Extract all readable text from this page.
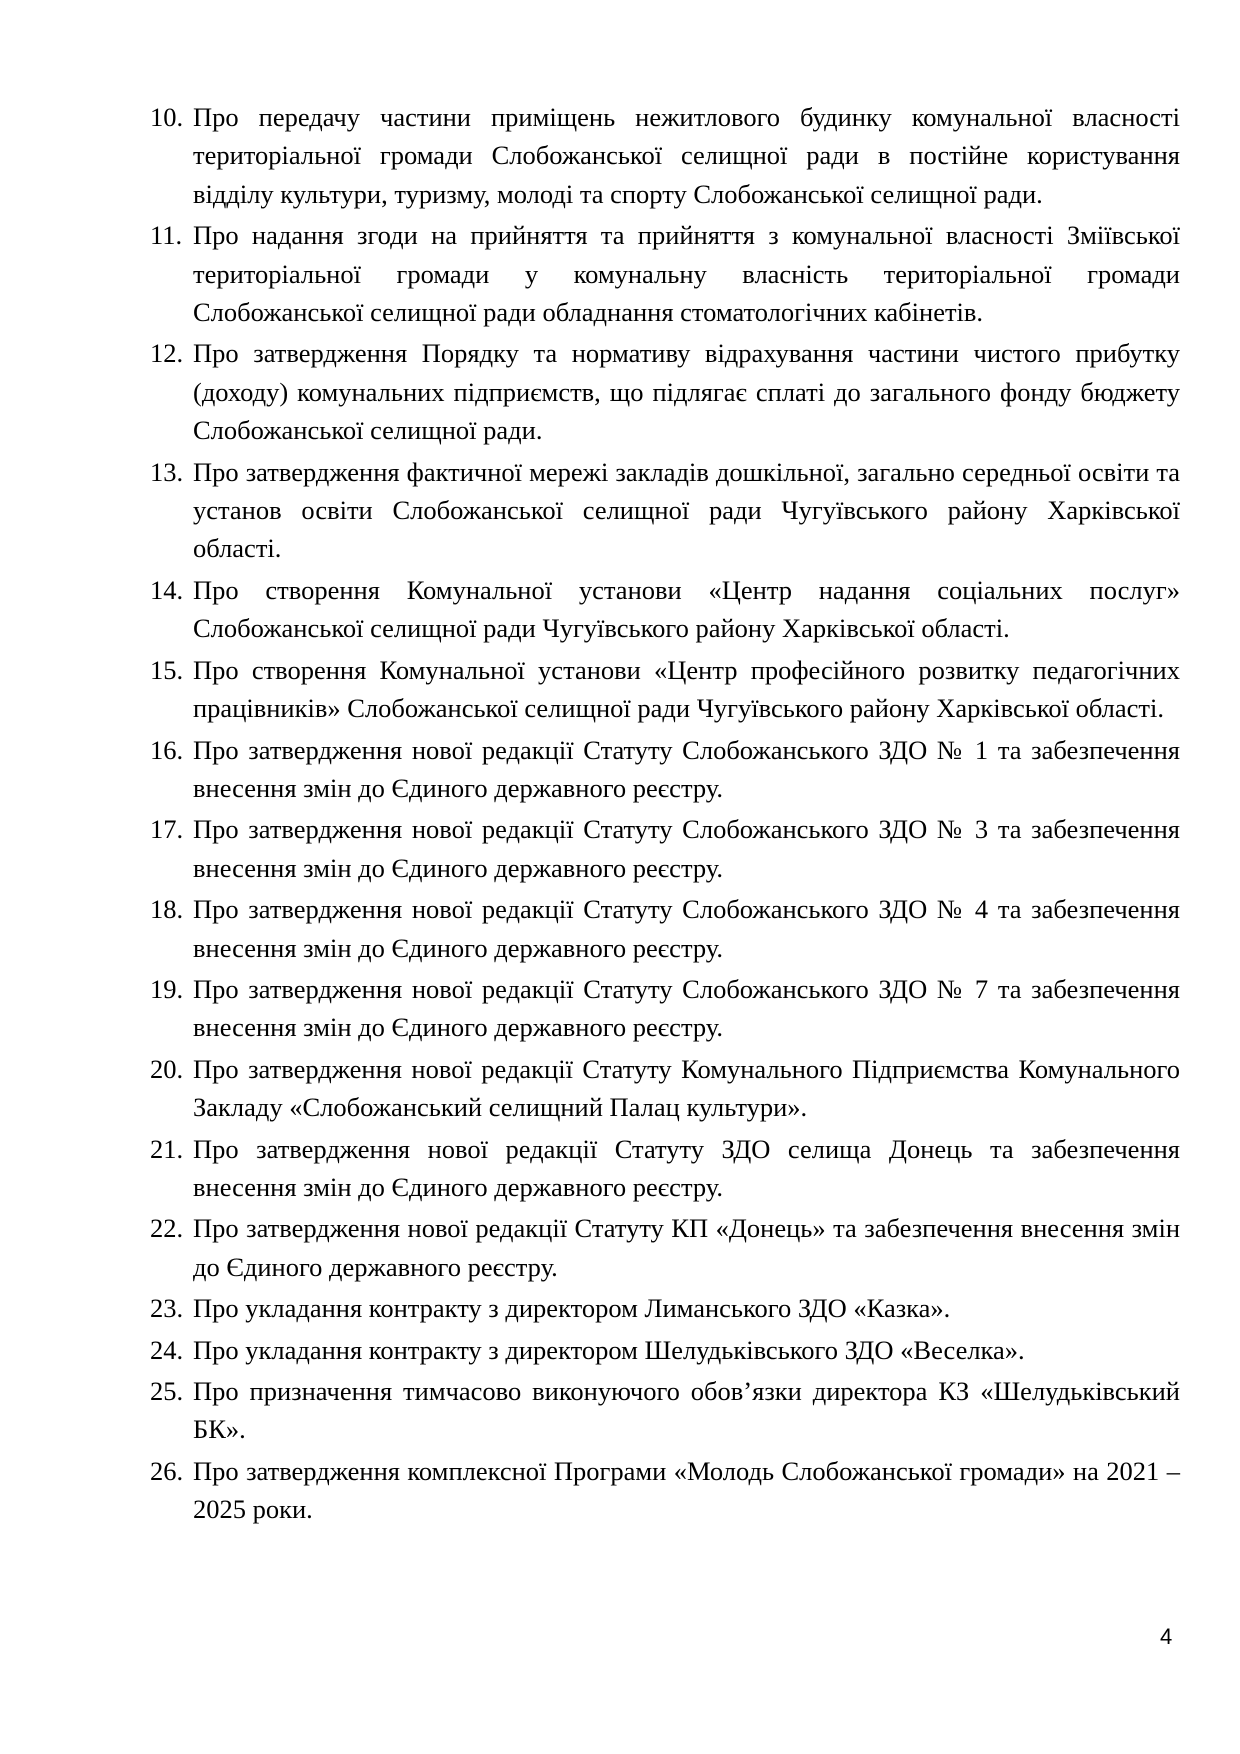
10. Про передачу частини приміщень нежитлового будинку комунальної власності територіальної громади Слобожанської селищної ради в постійне користування відділу культури, туризму, молоді та спорту Слобожанської селищної ради.
11. Про надання згоди на прийняття та прийняття з комунальної власності Зміївської територіальної громади у комунальну власність територіальної громади Слобожанської селищної ради обладнання стоматологічних кабінетів.
12. Про затвердження Порядку та нормативу відрахування частини чистого прибутку (доходу) комунальних підприємств, що підлягає сплаті до загального фонду бюджету Слобожанської селищної ради.
13. Про затвердження фактичної мережі закладів дошкільної, загально середньої освіти та установ освіти Слобожанської селищної ради Чугуївського району Харківської області.
14. Про створення Комунальної установи «Центр надання соціальних послуг» Слобожанської селищної ради Чугуївського району Харківської області.
15. Про створення Комунальної установи «Центр професійного розвитку педагогічних працівників» Слобожанської селищної ради Чугуївського району Харківської області.
16. Про затвердження нової редакції Статуту Слобожанського ЗДО № 1 та забезпечення внесення змін до Єдиного державного реєстру.
17. Про затвердження нової редакції Статуту Слобожанського ЗДО № 3 та забезпечення внесення змін до Єдиного державного реєстру.
18. Про затвердження нової редакції Статуту Слобожанського ЗДО № 4 та забезпечення внесення змін до Єдиного державного реєстру.
19. Про затвердження нової редакції Статуту Слобожанського ЗДО № 7 та забезпечення внесення змін до Єдиного державного реєстру.
20. Про затвердження нової редакції Статуту Комунального Підприємства Комунального Закладу «Слобожанський селищний Палац культури».
21. Про затвердження нової редакції Статуту ЗДО селища Донець та забезпечення внесення змін до Єдиного державного реєстру.
22. Про затвердження нової редакції Статуту КП «Донець» та забезпечення внесення змін до Єдиного державного реєстру.
23. Про укладання контракту з директором Лиманського ЗДО «Казка».
24. Про укладання контракту з директором Шелудьківського ЗДО «Веселка».
25. Про призначення тимчасово виконуючого обов’язки директора КЗ «Шелудьківський БК».
26. Про затвердження комплексної Програми «Молодь Слобожанської громади» на 2021 – 2025 роки.
4
